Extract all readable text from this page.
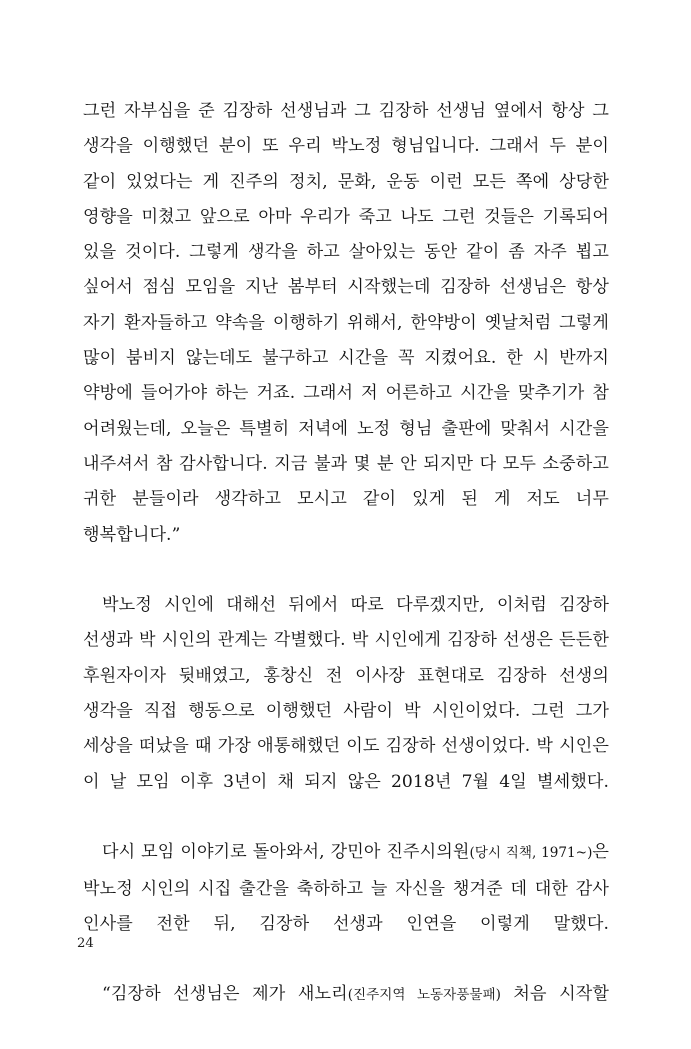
그런 자부심을 준 김장하 선생님과 그 김장하 선생님 옆에서 항상 그 생각을 이행했던 분이 또 우리 박노정 형님입니다. 그래서 두 분이 같이 있었다는 게 진주의 정치, 문화, 운동 이런 모든 쪽에 상당한 영향을 미쳤고 앞으로 아마 우리가 죽고 나도 그런 것들은 기록되어 있을 것이다. 그렇게 생각을 하고 살아있는 동안 같이 좀 자주 뵙고 싶어서 점심 모임을 지난 봄부터 시작했는데 김장하 선생님은 항상 자기 환자들하고 약속을 이행하기 위해서, 한약방이 옛날처럼 그렇게 많이 붐비지 않는데도 불구하고 시간을 꼭 지켰어요. 한 시 반까지 약방에 들어가야 하는 거죠. 그래서 저 어른하고 시간을 맞추기가 참 어려웠는데, 오늘은 특별히 저녁에 노정 형님 출판에 맞춰서 시간을 내주셔서 참 감사합니다. 지금 불과 몇 분 안 되지만 다 모두 소중하고 귀한 분들이라 생각하고 모시고 같이 있게 된 게 저도 너무 행복합니다.”

박노정 시인에 대해선 뒤에서 따로 다루겠지만, 이처럼 김장하 선생과 박 시인의 관계는 각별했다. 박 시인에게 김장하 선생은 든든한 후원자이자 뒷배였고, 홍창신 전 이사장 표현대로 김장하 선생의 생각을 직접 행동으로 이행했던 사람이 박 시인이었다. 그런 그가 세상을 떠났을 때 가장 애통해했던 이도 김장하 선생이었다. 박 시인은 이 날 모임 이후 3년이 채 되지 않은 2018년 7월 4일 별세했다.

다시 모임 이야기로 돌아와서, 강민아 진주시의원(당시 직책, 1971~)은 박노정 시인의 시집 출간을 축하하고 늘 자신을 챙겨준 데 대한 감사 인사를 전한 뒤, 김장하 선생과 인연을 이렇게 말했다.

“김장하 선생님은 제가 새노리(진주지역 노동자풍물패) 처음 시작할

24
